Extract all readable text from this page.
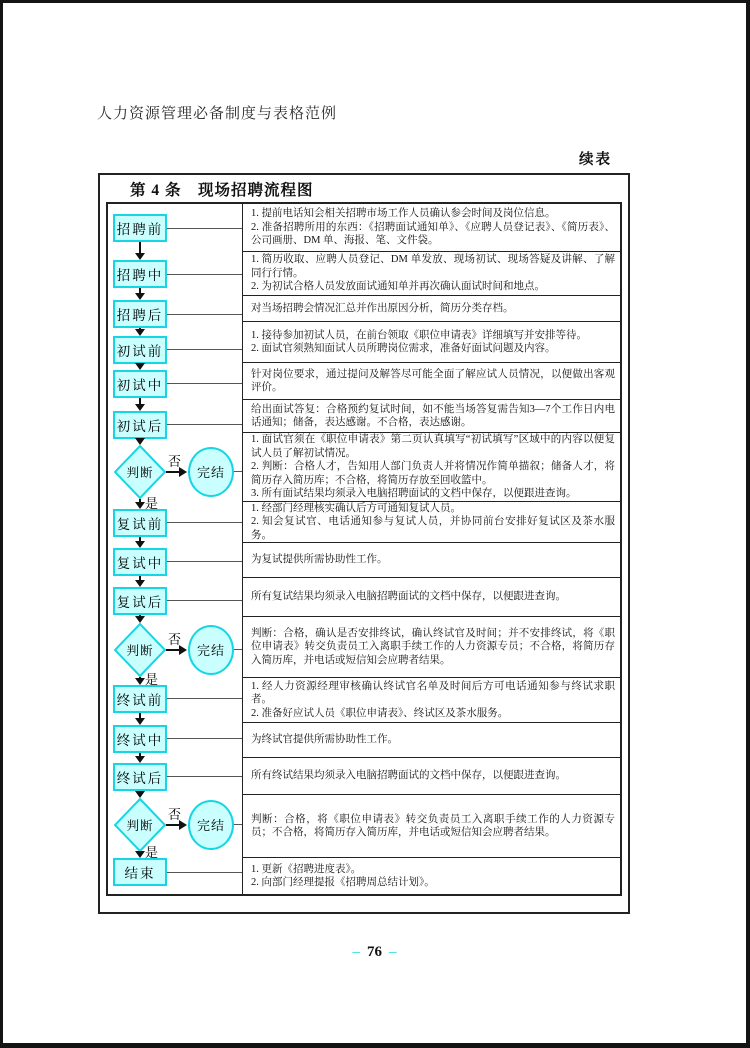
人力资源管理必备制度与表格范例
续表
第 4 条　现场招聘流程图
招聘前
招聘中
招聘后
初试前
初试中
初试后
判断
否
完结
复试前
复试中
复试后
判断
否
完结
终试前
终试中
终试后
判断
否
完结
结束
是
是
是
1. 提前电话知会相关招聘市场工作人员确认参会时间及岗位信息。
2. 准备招聘所用的东西：《招聘面试通知单》、《应聘人员登记表》、《简历表》、公司画册、DM 单、海报、笔、文件袋。
1. 简历收取、应聘人员登记、DM 单发放、现场初试、现场答疑及讲解、了解同行行情。
2. 为初试合格人员发放面试通知单并再次确认面试时间和地点。
对当场招聘会情况汇总并作出原因分析，简历分类存档。
1. 接待参加初试人员，在前台领取《职位申请表》详细填写并安排等待。
2. 面试官须熟知面试人员所聘岗位需求，准备好面试问题及内容。
针对岗位要求，通过提问及解答尽可能全面了解应试人员情况，以便做出客观评价。
给出面试答复：合格预约复试时间，如不能当场答复需告知3—7个工作日内电话通知；储备，表达感谢。不合格，表达感谢。
1. 面试官须在《职位申请表》第二页认真填写“初试填写”区域中的内容以便复试人员了解初试情况。
2. 判断：合格人才，告知用人部门负责人并将情况作简单描叙；储备人才，将简历存入简历库；不合格，将简历存放至回收篮中。
3. 所有面试结果均须录入电脑招聘面试的文档中保存，以便跟进查询。
1. 经部门经理核实确认后方可通知复试人员。
2. 知会复试官、电话通知参与复试人员，并协同前台安排好复试区及茶水服务。
为复试提供所需协助性工作。
所有复试结果均须录入电脑招聘面试的文档中保存，以便跟进查询。
判断：合格，确认是否安排终试，确认终试官及时间；并不安排终试，将《职位申请表》转交负责员工入离职手续工作的人力资源专员；不合格，将简历存入简历库，并电话或短信知会应聘者结果。
1. 经人力资源经理审核确认终试官名单及时间后方可电话通知参与终试求职者。
2. 准备好应试人员《职位申请表》、终试区及茶水服务。
为终试官提供所需协助性工作。
所有终试结果均须录入电脑招聘面试的文档中保存，以便跟进查询。
判断：合格，将《职位申请表》转交负责员工入离职手续工作的人力资源专员；不合格，将简历存入简历库，并电话或短信知会应聘者结果。
1. 更新《招聘进度表》。
2. 向部门经理提报《招聘周总结计划》。
– 76 –
